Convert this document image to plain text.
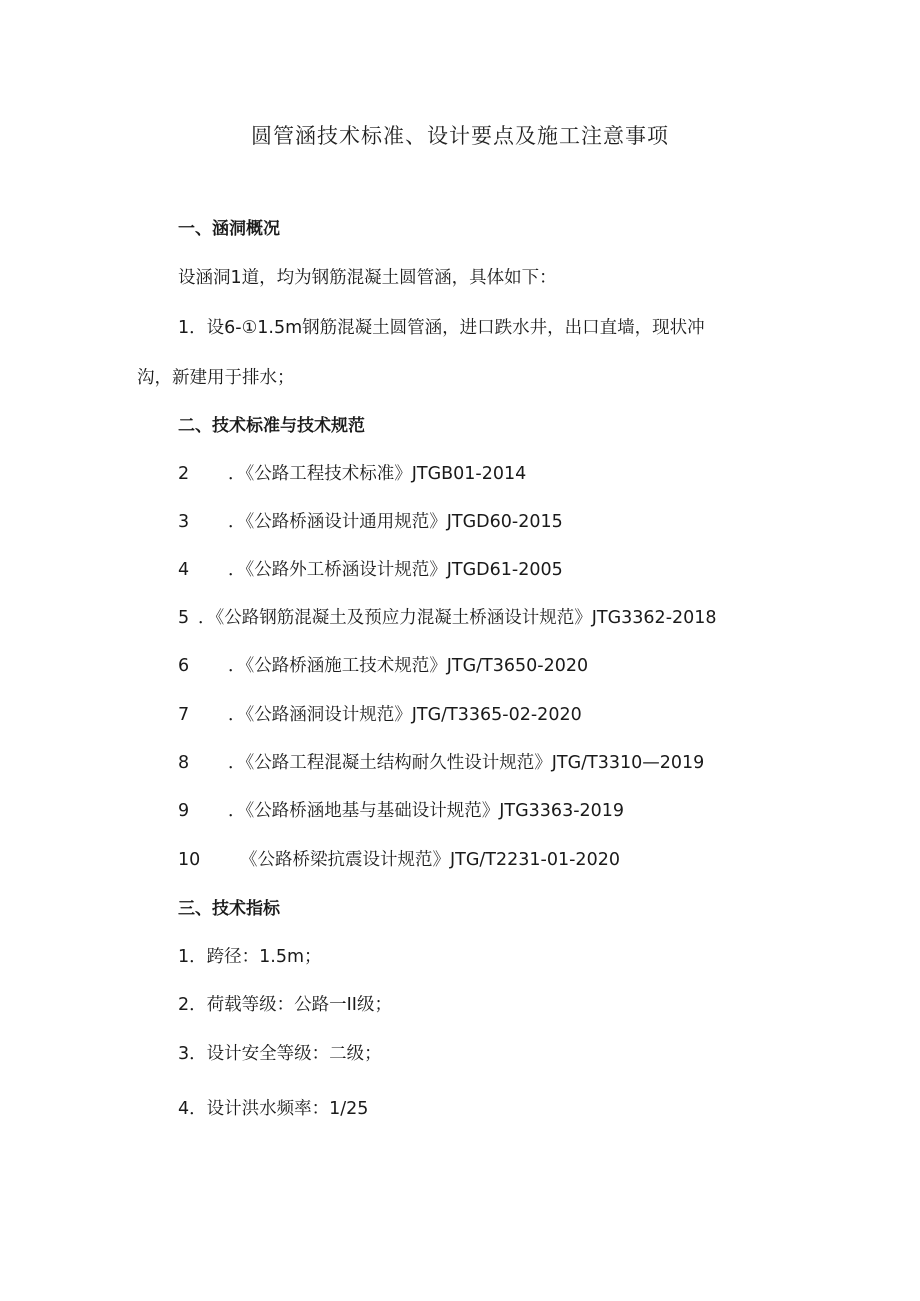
圆管涵技术标准、设计要点及施工注意事项
一、涵洞概况
设涵洞1道，均为钢筋混凝土圆管涵，具体如下：
1．设6-①1.5m钢筋混凝土圆管涵，进口跌水井，出口直墙，现状冲
沟，新建用于排水；
二、技术标准与技术规范
2 ．《公路工程技术标准》JTGB01-2014
3 ．《公路桥涵设计通用规范》JTGD60-2015
4 ．《公路外工桥涵设计规范》JTGD61-2005
5 ．《公路钢筋混凝土及预应力混凝土桥涵设计规范》JTG3362-2018
6 ．《公路桥涵施工技术规范》JTG/T3650-2020
7 ．《公路涵洞设计规范》JTG/T3365-02-2020
8 ．《公路工程混凝土结构耐久性设计规范》JTG/T3310—2019
9 ．《公路桥涵地基与基础设计规范》JTG3363-2019
10 《公路桥梁抗震设计规范》JTG/T2231-01-2020
三、技术指标
1．跨径：1.5m；
2．荷载等级：公路一II级；
3．设计安全等级：二级；
4．设计洪水频率：1/25
